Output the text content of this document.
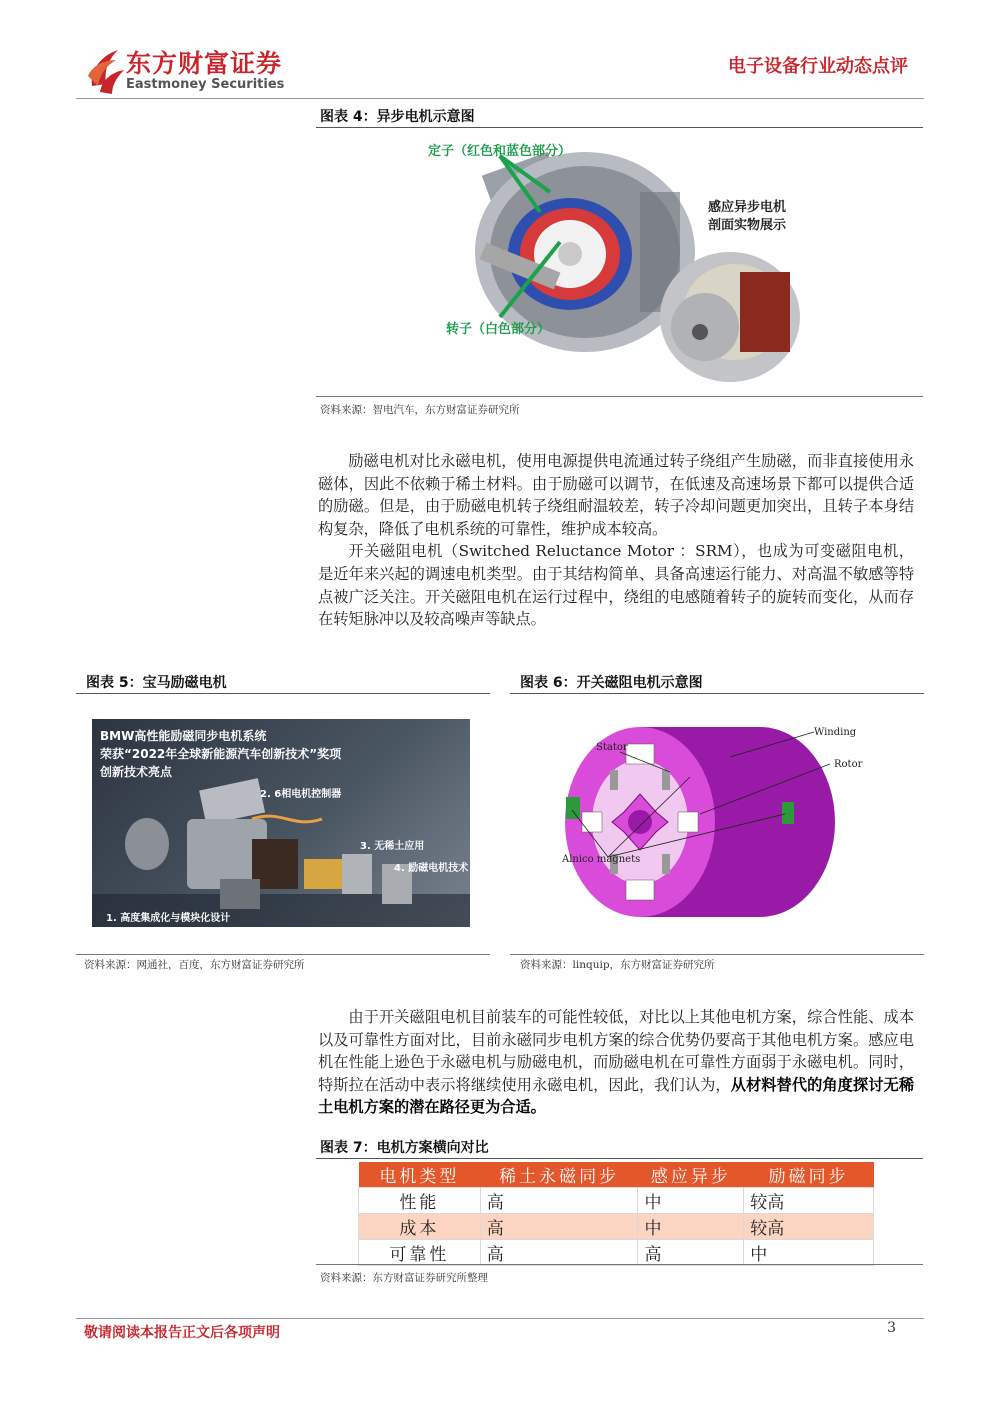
东方财富证券
Eastmoney Securities
电子设备行业动态点评
图表 4：异步电机示意图
定子（红色和蓝色部分）
转子（白色部分）
感应异步电机
剖面实物展示
资料来源：智电汽车，东方财富证券研究所

励磁电机对比永磁电机，使用电源提供电流通过转子绕组产生励磁，而非直接使用永磁体，因此不依赖于稀土材料。由于励磁可以调节，在低速及高速场景下都可以提供合适的励磁。但是，由于励磁电机转子绕组耐温较差，转子冷却问题更加突出，且转子本身结构复杂，降低了电机系统的可靠性，维护成本较高。

开关磁阻电机（Switched Reluctance Motor ：SRM），也成为可变磁阻电机，是近年来兴起的调速电机类型。由于其结构简单、具备高速运行能力、对高温不敏感等特点被广泛关注。开关磁阻电机在运行过程中，绕组的电感随着转子的旋转而变化，从而存在转矩脉冲以及较高噪声等缺点。

图表 5：宝马励磁电机
BMW高性能励磁同步电机系统
荣获“2022年全球新能源汽车创新技术”奖项
创新技术亮点
2. 6相电机控制器
3. 无稀土应用
4. 励磁电机技术
1. 高度集成化与模块化设计
资料来源：网通社，百度，东方财富证券研究所
图表 6：开关磁阻电机示意图
Stator
Winding
Rotor
Alnico magnets
资料来源：linquip，东方财富证券研究所

由于开关磁阻电机目前装车的可能性较低，对比以上其他电机方案，综合性能、成本以及可靠性方面对比，目前永磁同步电机方案的综合优势仍要高于其他电机方案。感应电机在性能上逊色于永磁电机与励磁电机，而励磁电机在可靠性方面弱于永磁电机。同时，特斯拉在活动中表示将继续使用永磁电机，因此，我们认为，从材料替代的角度探讨无稀土电机方案的潜在路径更为合适。

图表 7：电机方案横向对比
电机类型	稀土永磁同步	感应异步	励磁同步
性能	高	中	较高
成本	高	中	较高
可靠性	高	高	中
资料来源：东方财富证券研究所整理
敬请阅读本报告正文后各项声明	3
